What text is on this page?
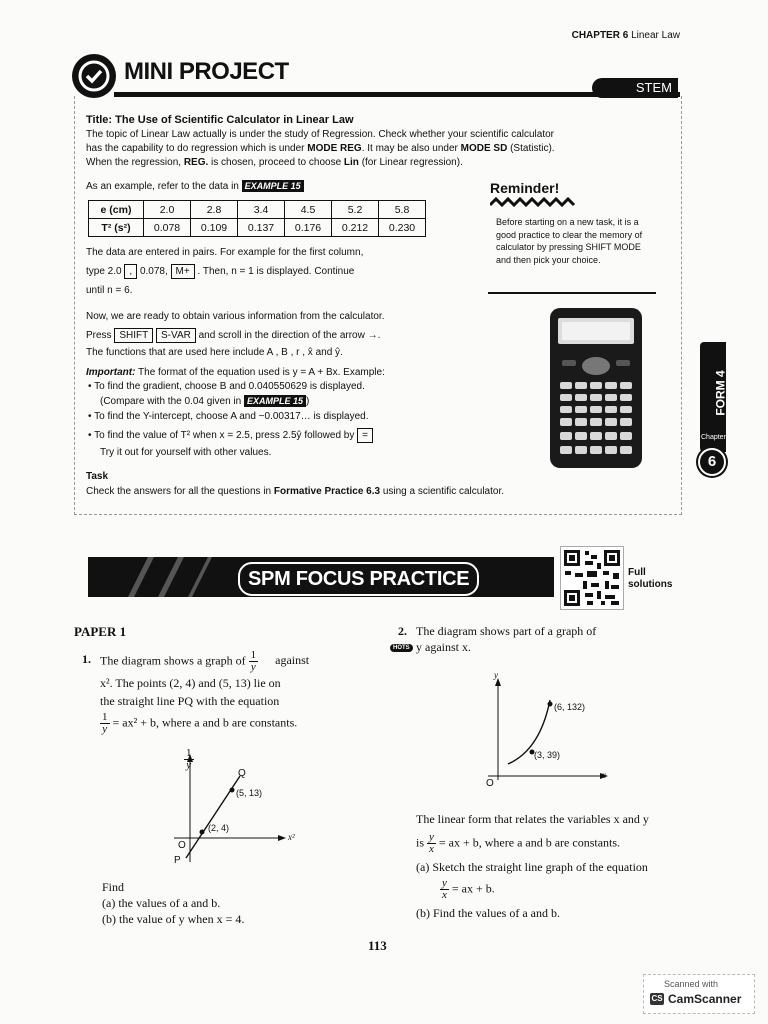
CHAPTER 6 Linear Law
MINI PROJECT
STEM
Title: The Use of Scientific Calculator in Linear Law
The topic of Linear Law actually is under the study of Regression. Check whether your scientific calculator
has the capability to do regression which is under MODE REG. It may be also under MODE SD (Statistic).
When the regression, REG. is chosen, proceed to choose Lin (for Linear regression).
As an example, refer to the data in EXAMPLE 15
e (cm)	2.0	2.8	3.4	4.5	5.2	5.8
T² (s²)	0.078	0.109	0.137	0.176	0.212	0.230
The data are entered in pairs. For example for the first column,
type 2.0 , 0.078, M+ . Then, n = 1 is displayed. Continue
until n = 6.
Now, we are ready to obtain various information from the calculator.
Press SHIFT S-VAR and scroll in the direction of the arrow →.
The functions that are used here include A , B , r , x̂ and ŷ.
Important: The format of the equation used is y = A + Bx. Example:
• To find the gradient, choose B and 0.040550629 is displayed.
(Compare with the 0.04 given in EXAMPLE 15 )
• To find the Y-intercept, choose A and −0.00317… is displayed.
• To find the value of T² when x = 2.5, press 2.5ŷ followed by =
Try it out for yourself with other values.
Task
Check the answers for all the questions in Formative Practice 6.3 using a scientific calculator.
Reminder!
Before starting on a new task, it is a good practice to clear the memory of calculator by pressing SHIFT MODE and then pick your choice.
FORM 4
Chapter
6
SPM FOCUS PRACTICE	Full
solutions
PAPER 1
1. The diagram shows a graph of $\frac{1}{y}$ against
x². The points (2, 4) and (5, 13) lie on
the straight line PQ with the equation
$\frac{1}{y} = ax^2 + b$, where a and b are constants.
$\frac{1}{y}$
Q
(5, 13)
(2, 4)
O
P
x²
Find
(a) the values of a and b.
(b) the value of y when x = 4.
2. The diagram shows part of a graph of
HOTS y against x.
y
(6, 132)
(3, 39)
O
x
The linear form that relates the variables x and y
is $\frac{y}{x}$ = ax + b, where a and b are constants.
(a) Sketch the straight line graph of the equation
$\frac{y}{x}$ = ax + b.
(b) Find the values of a and b.
113
Scanned with
CS CamScanner
